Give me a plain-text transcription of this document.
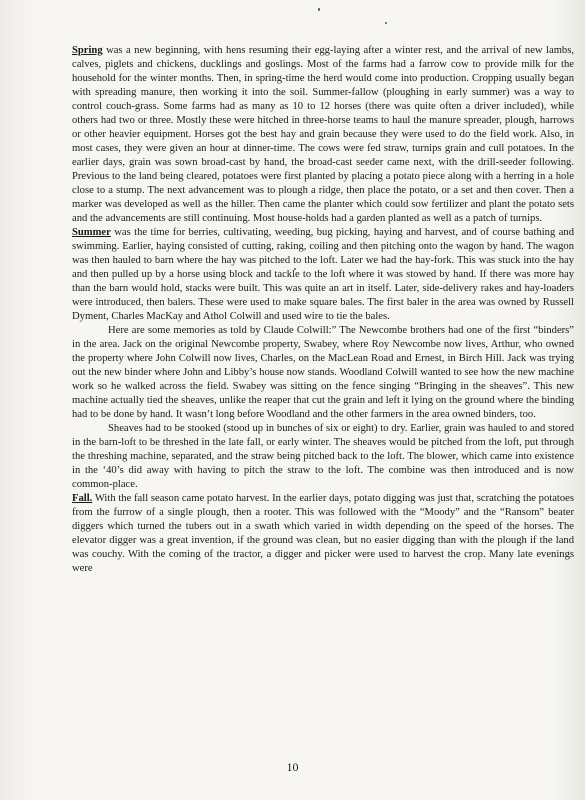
Spring was a new beginning, with hens resuming their egg-laying after a winter rest, and the arrival of new lambs, calves, piglets and chickens, ducklings and goslings. Most of the farms had a farrow cow to provide milk for the household for the winter months. Then, in spring-time the herd would come into production. Cropping usually began with spreading manure, then working it into the soil. Summer-fallow (ploughing in early summer) was a way to control couch-grass. Some farms had as many as 10 to 12 horses (there was quite often a driver included), while others had two or three. Mostly these were hitched in three-horse teams to haul the manure spreader, plough, harrows or other heavier equipment. Horses got the best hay and grain because they were used to do the field work. Also, in most cases, they were given an hour at dinner-time. The cows were fed straw, turnips grain and cull potatoes. In the earlier days, grain was sown broad-cast by hand, the broad-cast seeder came next, with the drill-seeder following. Previous to the land being cleared, potatoes were first planted by placing a potato piece along with a herring in a hole close to a stump. The next advancement was to plough a ridge, then place the potato, or a set and then cover. Then a marker was developed as well as the hiller. Then came the planter which could sow fertilizer and plant the potato sets and the advancements are still continuing. Most house-holds had a garden planted as well as a patch of turnips.

Summer was the time for berries, cultivating, weeding, bug picking, haying and harvest, and of course bathing and swimming. Earlier, haying consisted of cutting, raking, coiling and then pitching onto the wagon by hand. The wagon was then hauled to barn where the hay was pitched to the loft. Later we had the hay-fork. This was stuck into the hay and then pulled up by a horse using block and tackle to the loft where it was stowed by hand. If there was more hay than the barn would hold, stacks were built. This was quite an art in itself. Later, side-delivery rakes and hay-loaders were introduced, then balers. These were used to make square bales. The first baler in the area was owned by Russell Dyment, Charles MacKay and Athol Colwill and used wire to tie the bales.

Here are some memories as told by Claude Colwill:” The Newcombe brothers had one of the first “binders” in the area. Jack on the original Newcombe property, Swabey, where Roy Newcombe now lives, Arthur, who owned the property where John Colwill now lives, Charles, on the MacLean Road and Ernest, in Birch Hill. Jack was trying out the new binder where John and Libby’s house now stands. Woodland Colwill wanted to see how the new machine work so he walked across the field. Swabey was sitting on the fence singing “Bringing in the sheaves”. This new machine actually tied the sheaves, unlike the reaper that cut the grain and left it lying on the ground where the binding had to be done by hand. It wasn’t long before Woodland and the other farmers in the area owned binders, too.

Sheaves had to be stooked (stood up in bunches of six or eight) to dry. Earlier, grain was hauled to and stored in the barn-loft to be threshed in the late fall, or early winter. The sheaves would be pitched from the loft, put through the threshing machine, separated, and the straw being pitched back to the loft. The blower, which came into existence in the ‘40’s did away with having to pitch the straw to the loft. The combine was then introduced and is now common-place.

Fall. With the fall season came potato harvest. In the earlier days, potato digging was just that, scratching the potatoes from the furrow of a single plough, then a rooter. This was followed with the “Moody” and the “Ransom” beater diggers which turned the tubers out in a swath which varied in width depending on the speed of the horses. The elevator digger was a great invention, if the ground was clean, but no easier digging than with the plough if the land was couchy. With the coming of the tractor, a digger and picker were used to harvest the crop. Many late evenings were

10
